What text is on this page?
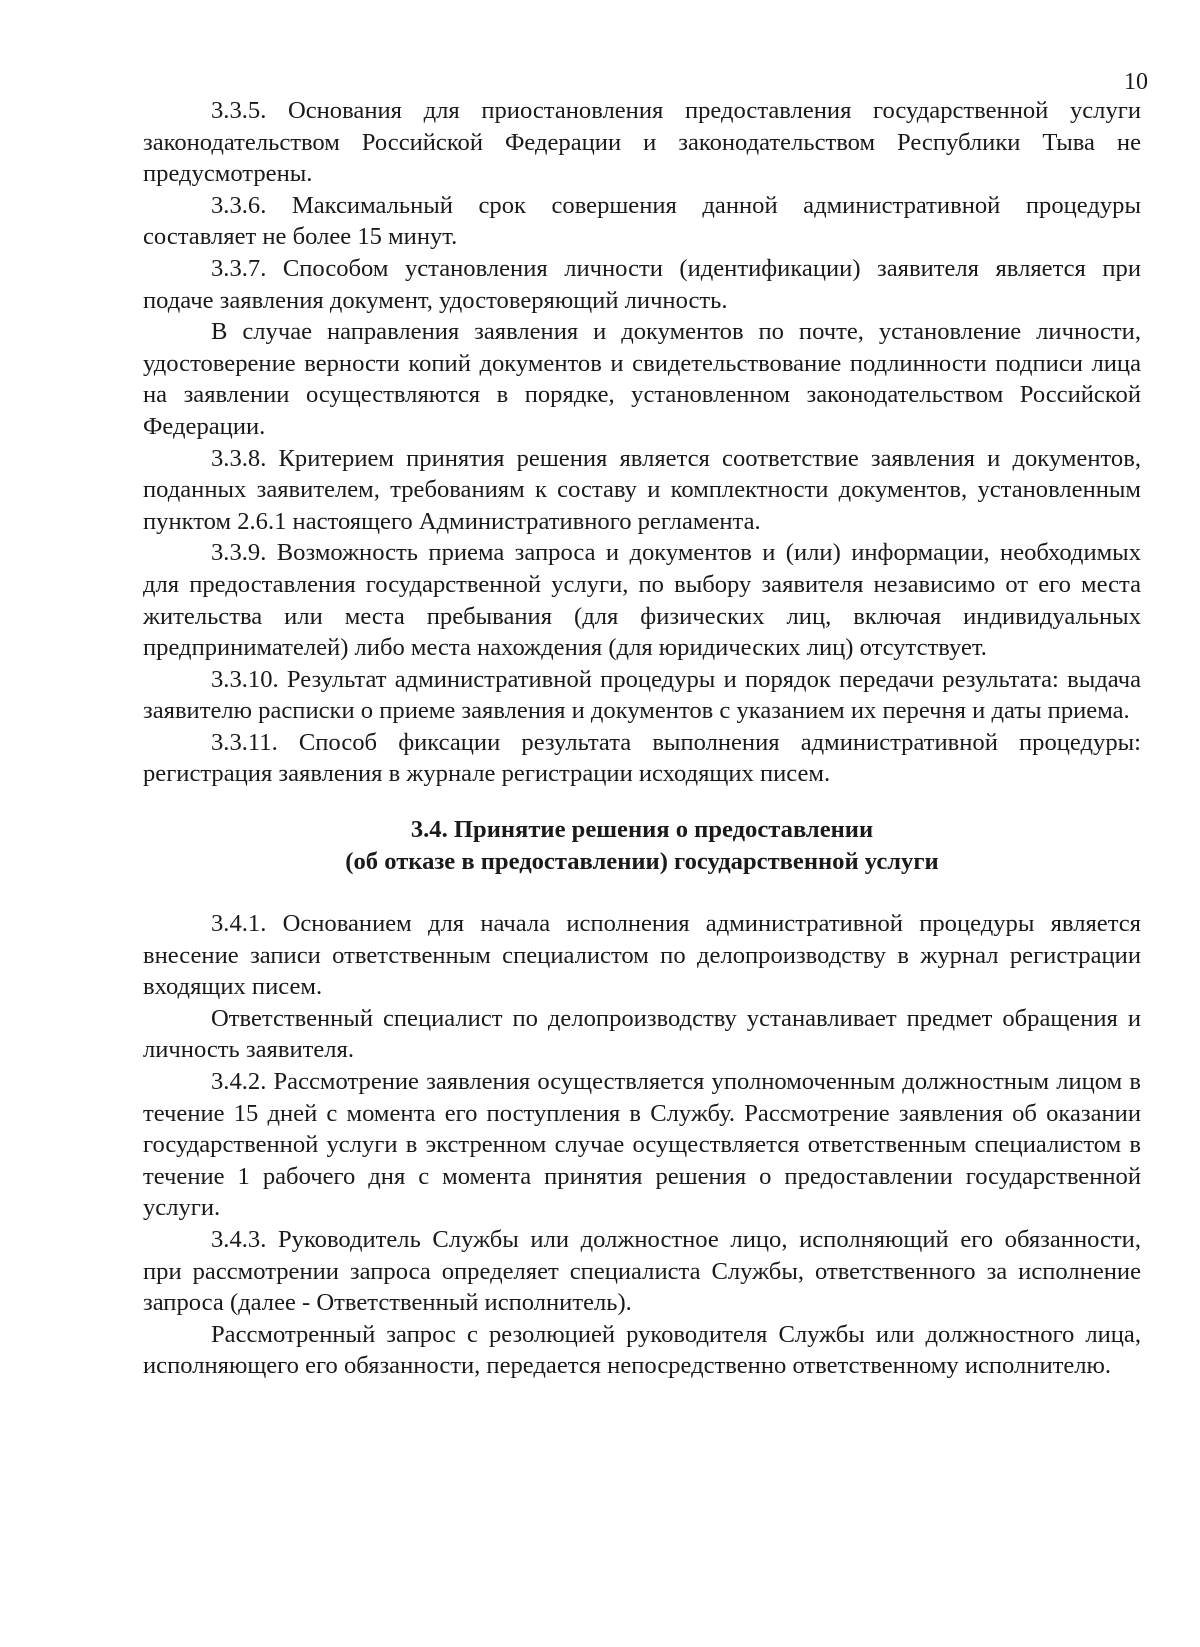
10

3.3.5. Основания для приостановления предоставления государственной услуги законодательством Российской Федерации и законодательством Республики Тыва не предусмотрены.

3.3.6. Максимальный срок совершения данной административной процедуры составляет не более 15 минут.

3.3.7. Способом установления личности (идентификации) заявителя является при подаче заявления документ, удостоверяющий личность.

В случае направления заявления и документов по почте, установление личности, удостоверение верности копий документов и свидетельствование подлинности подписи лица на заявлении осуществляются в порядке, установленном законодательством Российской Федерации.

3.3.8. Критерием принятия решения является соответствие заявления и документов, поданных заявителем, требованиям к составу и комплектности документов, установленным пунктом 2.6.1 настоящего Административного регламента.

3.3.9. Возможность приема запроса и документов и (или) информации, необходимых для предоставления государственной услуги, по выбору заявителя независимо от его места жительства или места пребывания (для физических лиц, включая индивидуальных предпринимателей) либо места нахождения (для юридических лиц) отсутствует.

3.3.10. Результат административной процедуры и порядок передачи результата: выдача заявителю расписки о приеме заявления и документов с указанием их перечня и даты приема.

3.3.11. Способ фиксации результата выполнения административной процедуры: регистрация заявления в журнале регистрации исходящих писем.

3.4. Принятие решения о предоставлении
(об отказе в предоставлении) государственной услуги

3.4.1. Основанием для начала исполнения административной процедуры является внесение записи ответственным специалистом по делопроизводству в журнал регистрации входящих писем.

Ответственный специалист по делопроизводству устанавливает предмет обращения и личность заявителя.

3.4.2. Рассмотрение заявления осуществляется уполномоченным должностным лицом в течение 15 дней с момента его поступления в Службу. Рассмотрение заявления об оказании государственной услуги в экстренном случае осуществляется ответственным специалистом в течение 1 рабочего дня с момента принятия решения о предоставлении государственной услуги.

3.4.3. Руководитель Службы или должностное лицо, исполняющий его обязанности, при рассмотрении запроса определяет специалиста Службы, ответственного за исполнение запроса (далее - Ответственный исполнитель).

Рассмотренный запрос с резолюцией руководителя Службы или должностного лица, исполняющего его обязанности, передается непосредственно ответственному исполнителю.
